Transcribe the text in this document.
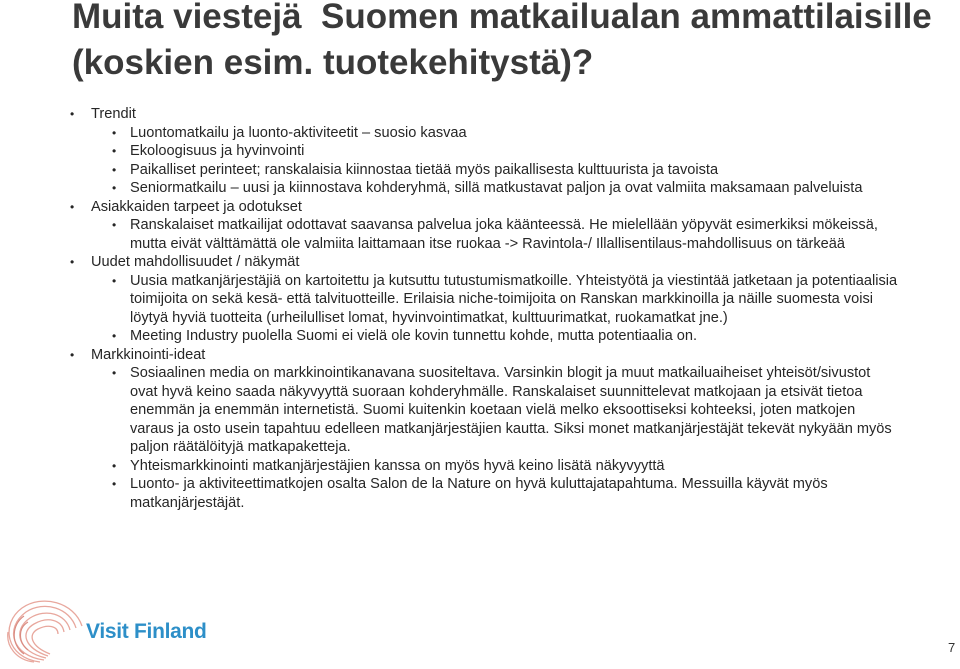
Muita viestejä  Suomen matkailualan ammattilaisille (koskien esim. tuotekehitystä)?
• Trendit
• Luontomatkailu ja luonto-aktiviteetit – suosio kasvaa
• Ekoloogisuus ja hyvinvointi
• Paikalliset perinteet; ranskalaisia kiinnostaa tietää myös paikallisesta kulttuurista ja tavoista
• Seniormatkailu – uusi ja kiinnostava kohderyhmä, sillä matkustavat paljon ja ovat valmiita maksamaan palveluista
• Asiakkaiden tarpeet ja odotukset
• Ranskalaiset matkailijat odottavat saavansa palvelua joka käänteessä. He mielellään yöpyvät esimerkiksi mökeissä, mutta eivät välttämättä ole valmiita laittamaan itse ruokaa -> Ravintola-/ Illallisentilaus-mahdollisuus on tärkeää
• Uudet mahdollisuudet / näkymät
• Uusia matkanjärjestäjiä on kartoitettu ja kutsuttu tutustumismatkoille. Yhteistyötä ja viestintää jatketaan ja potentiaalisia toimijoita on sekä kesä- että talvituotteille. Erilaisia niche-toimijoita on Ranskan markkinoilla ja näille suomesta voisi löytyä hyviä tuotteita (urheilulliset lomat, hyvinvointimatkat, kulttuurimatkat, ruokamatkat jne.)
• Meeting Industry puolella Suomi ei vielä ole kovin tunnettu kohde, mutta potentiaalia on.
• Markkinointi-ideat
• Sosiaalinen media on markkinointikanavana suositeltava. Varsinkin blogit ja muut matkailuaiheiset yhteisöt/sivustot ovat hyvä keino saada näkyvyyttä suoraan kohderyhmälle. Ranskalaiset suunnittelevat matkojaan ja etsivät tietoa enemmän ja enemmän internetistä. Suomi kuitenkin koetaan vielä melko eksoottiseksi kohteeksi, joten matkojen varaus ja osto usein tapahtuu edelleen matkanjärjestäjien kautta. Siksi monet matkanjärjestäjät tekevät nykyään myös paljon räätälöityjä matkapaketteja.
• Yhteismarkkinointi matkanjärjestäjien kanssa on myös hyvä keino lisätä näkyvyyttä
• Luonto- ja aktiviteettimatkojen osalta Salon de la Nature on hyvä kuluttajatapahtuma. Messuilla käyvät myös matkanjärjestäjät.
Visit Finland
7
